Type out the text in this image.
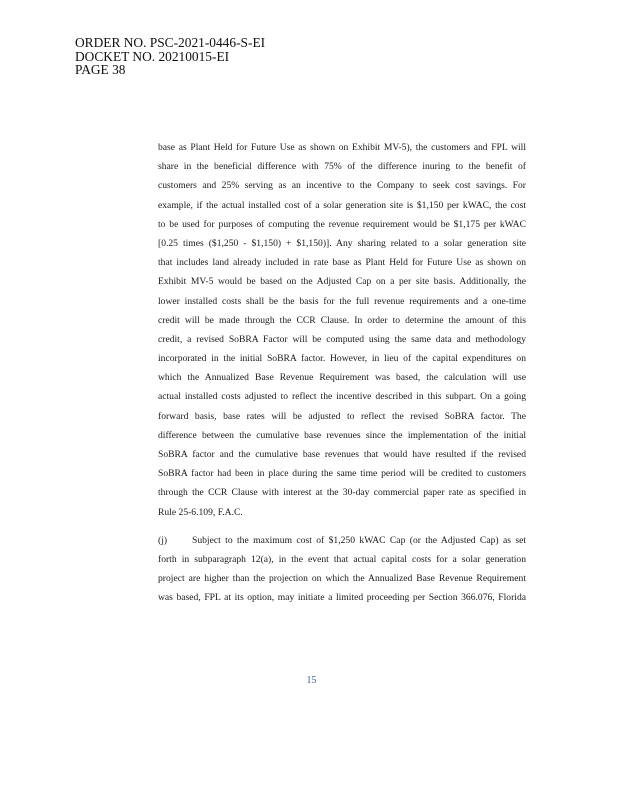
ORDER NO. PSC-2021-0446-S-EI
DOCKET NO. 20210015-EI
PAGE 38
base as Plant Held for Future Use as shown on Exhibit MV-5), the customers and FPL will
share in the beneficial difference with 75% of the difference inuring to the benefit of
customers and 25% serving as an incentive to the Company to seek cost savings. For
example, if the actual installed cost of a solar generation site is $1,150 per kWAC, the cost
to be used for purposes of computing the revenue requirement would be $1,175 per kWAC
[0.25 times ($1,250 - $1,150) + $1,150)]. Any sharing related to a solar generation site
that includes land already included in rate base as Plant Held for Future Use as shown on
Exhibit MV-5 would be based on the Adjusted Cap on a per site basis. Additionally, the
lower installed costs shall be the basis for the full revenue requirements and a one-time
credit will be made through the CCR Clause. In order to determine the amount of this
credit, a revised SoBRA Factor will be computed using the same data and methodology
incorporated in the initial SoBRA factor. However, in lieu of the capital expenditures on
which the Annualized Base Revenue Requirement was based, the calculation will use
actual installed costs adjusted to reflect the incentive described in this subpart. On a going
forward basis, base rates will be adjusted to reflect the revised SoBRA factor. The
difference between the cumulative base revenues since the implementation of the initial
SoBRA factor and the cumulative base revenues that would have resulted if the revised
SoBRA factor had been in place during the same time period will be credited to customers
through the CCR Clause with interest at the 30-day commercial paper rate as specified in
Rule 25-6.109, F.A.C.
(j)	Subject to the maximum cost of $1,250 kWAC Cap (or the Adjusted Cap) as set
forth in subparagraph 12(a), in the event that actual capital costs for a solar generation
project are higher than the projection on which the Annualized Base Revenue Requirement
was based, FPL at its option, may initiate a limited proceeding per Section 366.076, Florida
15
